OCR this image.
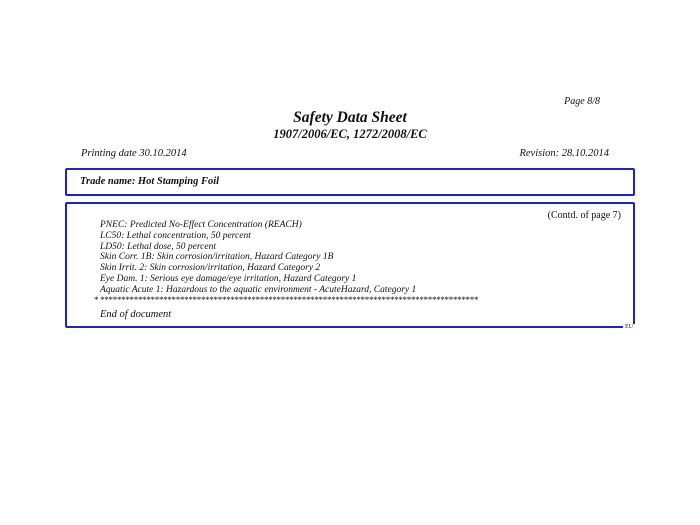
Page 8/8
Safety Data Sheet
1907/2006/EC, 1272/2008/EC
Printing date 30.10.2014	Revision: 28.10.2014
Trade name: Hot Stamping Foil
(Contd. of page 7)
PNEC: Predicted No-Effect Concentration (REACH)
LC50: Lethal concentration, 50 percent
LD50: Lethal dose, 50 percent
Skin Corr. 1B: Skin corrosion/irritation, Hazard Category 1B
Skin Irrit. 2: Skin corrosion/irritation, Hazard Category 2
Eye Dam. 1: Serious eye damage/eye irritation, Hazard Category 1
Aquatic Acute 1: Hazardous to the aquatic environment - AcuteHazard, Category 1
* ******************************************************************************************
End of document
EU
